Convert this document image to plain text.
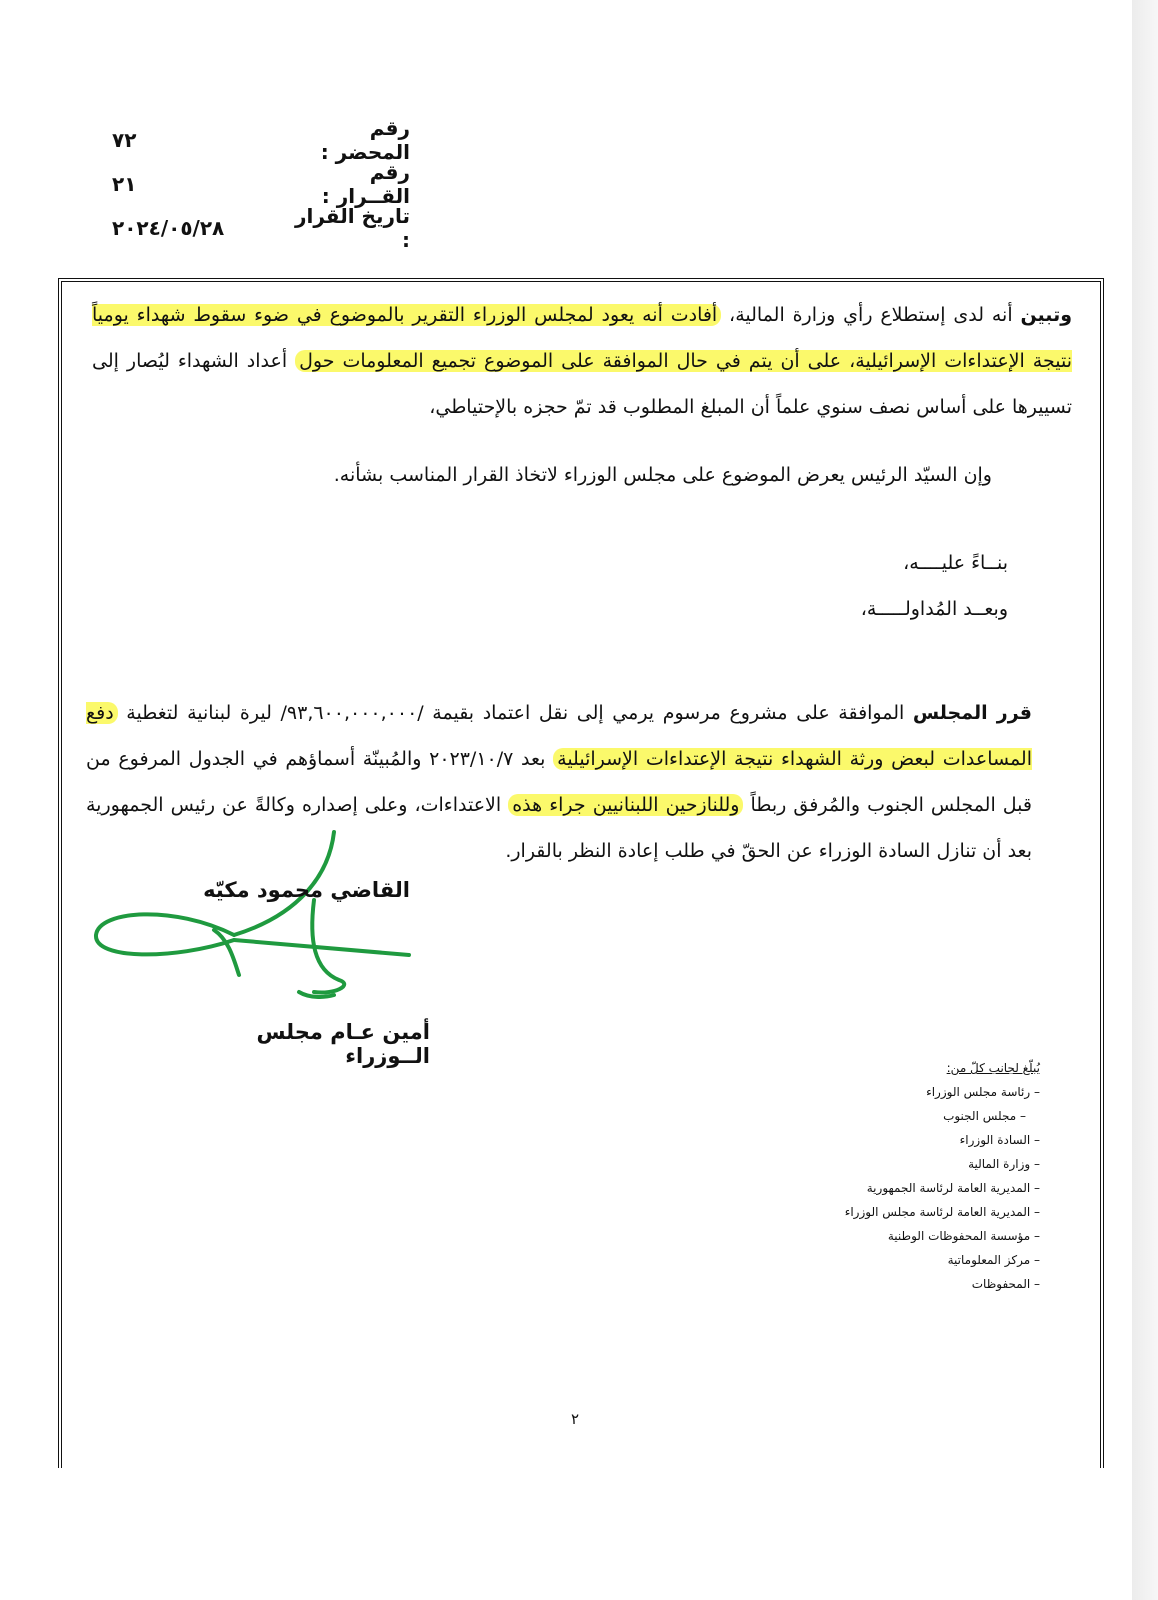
رقم المحضر :
٧٢
رقم القــرار :
٢١
تاريخ القرار :
٢٠٢٤/٠٥/٢٨
وتبين أنه لدى إستطلاع رأي وزارة المالية، أفادت أنه يعود لمجلس الوزراء التقرير بالموضوع في ضوء سقوط شهداء يومياً نتيجة الإعتداءات الإسرائيلية، على أن يتم في حال الموافقة على الموضوع تجميع المعلومات حول أعداد الشهداء ليُصار إلى تسييرها على أساس نصف سنوي علماً أن المبلغ المطلوب قد تمّ حجزه بالإحتياطي،
وإن السيّد الرئيس يعرض الموضوع على مجلس الوزراء لاتخاذ القرار المناسب بشأنه.
بنــاءً عليــــه،
وبعــد المُداولـــــة،
قرر المجلس الموافقة على مشروع مرسوم يرمي إلى نقل اعتماد بقيمة /٩٣,٦٠٠,٠٠٠,٠٠٠/ ليرة لبنانية لتغطية دفع المساعدات لبعض ورثة الشهداء نتيجة الإعتداءات الإسرائيلية بعد ٢٠٢٣/١٠/٧ والمُبينّة أسماؤهم في الجدول المرفوع من قبل المجلس الجنوب والمُرفق ربطاً وللنازحين اللبنانيين جراء هذه الاعتداءات، وعلى إصداره وكالةً عن رئيس الجمهورية بعد أن تنازل السادة الوزراء عن الحقّ في طلب إعادة النظر بالقرار.
القاضي محمود مكيّه
أمين عـام مجلس الــوزراء	يُبلّغ لجانب كلّ من:
– رئاسة مجلس الوزراء
– مجلس الجنوب
– السادة الوزراء
– وزارة المالية
– المديرية العامة لرئاسة الجمهورية
– المديرية العامة لرئاسة مجلس الوزراء
– مؤسسة المحفوظات الوطنية
– مركز المعلوماتية
– المحفوظات
٢
